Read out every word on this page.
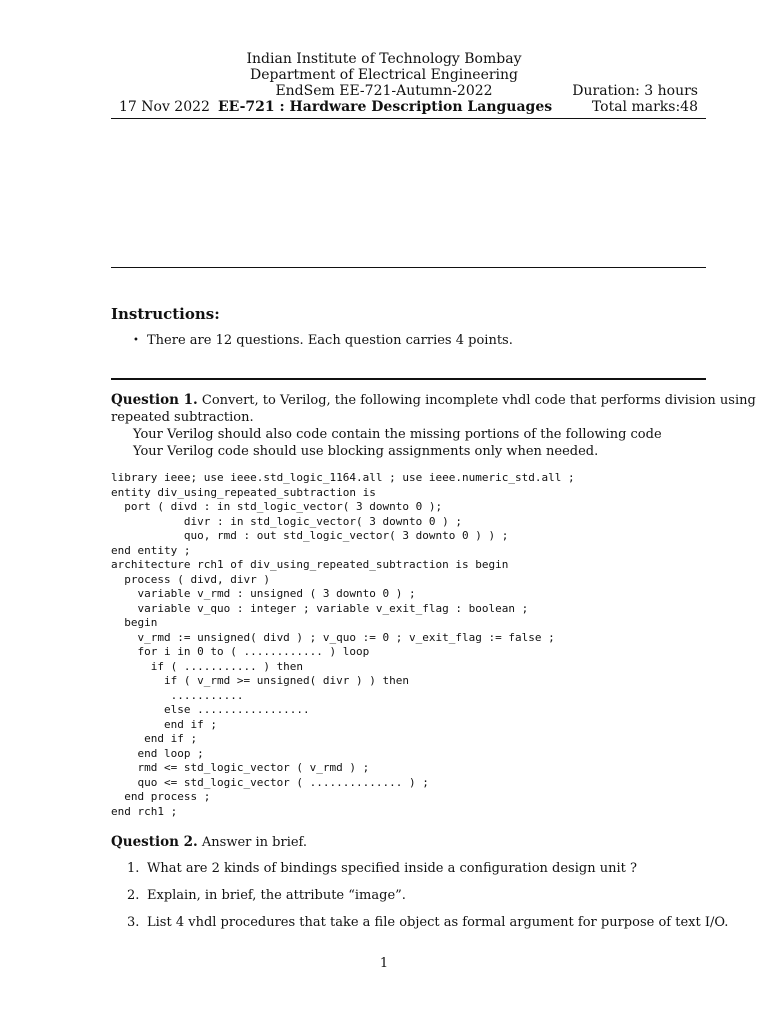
Indian Institute of Technology Bombay
Department of Electrical Engineering
EndSem EE-721-Autumn-2022	Duration: 3 hours
17 Nov 2022 EE-721 : Hardware Description Languages	Total marks:48
Instructions:
• There are 12 questions. Each question carries 4 points.
Question 1. Convert, to Verilog, the following incomplete vhdl code that performs division using
repeated subtraction.
Your Verilog should also code contain the missing portions of the following code
Your Verilog code should use blocking assignments only when needed.
library ieee; use ieee.std_logic_1164.all ; use ieee.numeric_std.all ;
entity div_using_repeated_subtraction is
port ( divd : in std_logic_vector( 3 downto 0 );
divr : in std_logic_vector( 3 downto 0 ) ;
quo, rmd : out std_logic_vector( 3 downto 0 ) ) ;
end entity ;
architecture rch1 of div_using_repeated_subtraction is begin
process ( divd, divr )
variable v_rmd : unsigned ( 3 downto 0 ) ;
variable v_quo : integer ; variable v_exit_flag : boolean ;
begin
v_rmd := unsigned( divd ) ; v_quo := 0 ; v_exit_flag := false ;
for i in 0 to ( ............ ) loop
if ( ........... ) then
if ( v_rmd >= unsigned( divr ) ) then
...........
else .................
end if ;
end if ;
end loop ;
rmd <= std_logic_vector ( v_rmd ) ;
quo <= std_logic_vector ( .............. ) ;
end process ;
end rch1 ;
Question 2. Answer in brief.
1. What are 2 kinds of bindings specified inside a configuration design unit ?
2. Explain, in brief, the attribute “image”.
3. List 4 vhdl procedures that take a file object as formal argument for purpose of text I/O.
1
